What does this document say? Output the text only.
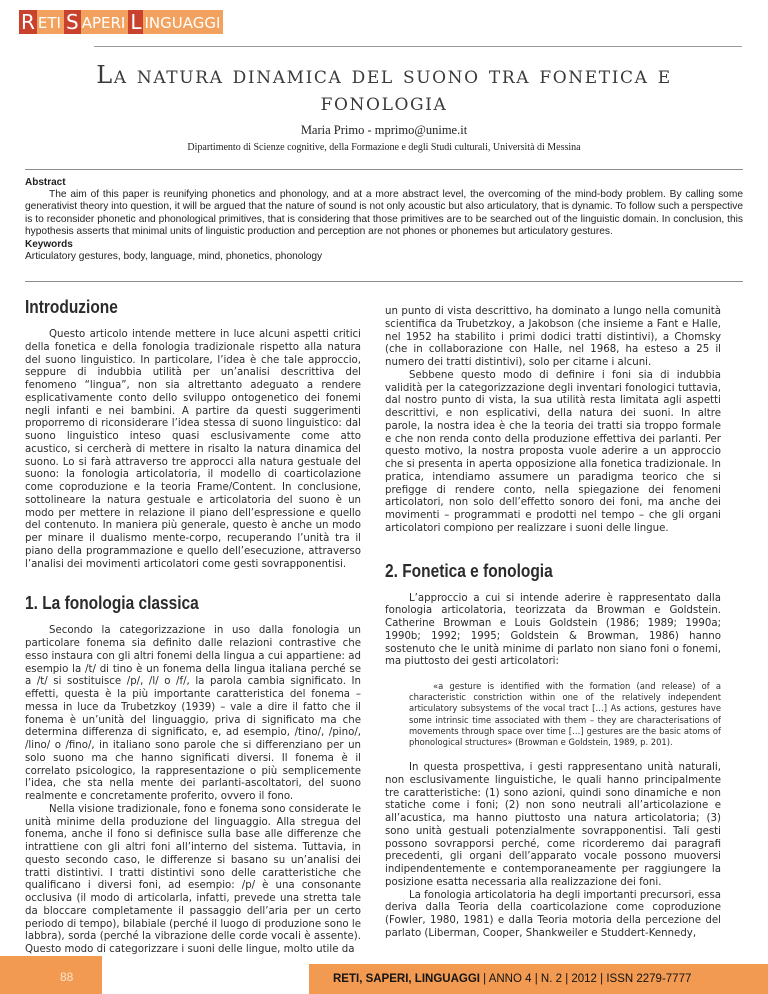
R ETI S APERI L INGUAGGI
La natura dinamica del suono tra fonetica e fonologia
Maria Primo - mprimo@unime.it
Dipartimento di Scienze cognitive, della Formazione e degli Studi culturali, Università di Messina
Abstract

The aim of this paper is reunifying phonetics and phonology, and at a more abstract level, the overcoming of the mind-body problem. By calling some generativist theory into question, it will be argued that the nature of sound is not only acoustic but also articulatory, that is dynamic. To follow such a perspective is to reconsider phonetic and phonological primitives, that is considering that those primitives are to be searched out of the linguistic domain. In conclusion, this hypothesis asserts that minimal units of linguistic production and perception are not phones or phonemes but articulatory gestures.

Keywords

Articulatory gestures, body, language, mind, phonetics, phonology

Introduzione

Questo articolo intende mettere in luce alcuni aspetti critici della fonetica e della fonologia tradizionale rispetto alla natura del suono linguistico. In particolare, l’idea è che tale approccio, seppure di indubbia utilità per un’analisi descrittiva del fenomeno “lingua”, non sia altrettanto adeguato a rendere esplicativamente conto dello sviluppo ontogenetico dei fonemi negli infanti e nei bambini. A partire da questi suggerimenti proporremo di riconsiderare l’idea stessa di suono linguistico: dal suono linguistico inteso quasi esclusivamente come atto acustico, si cercherà di mettere in risalto la natura dinamica del suono. Lo si farà attraverso tre approcci alla natura gestuale del suono: la fonologia articolatoria, il modello di coarticolazione come coproduzione e la teoria Frame/Content. In conclusione, sottolineare la natura gestuale e articolatoria del suono è un modo per mettere in relazione il piano dell’espressione e quello del contenuto. In maniera più generale, questo è anche un modo per minare il dualismo mente-corpo, recuperando l’unità tra il piano della programmazione e quello dell’esecuzione, attraverso l’analisi dei movimenti articolatori come gesti sovrapponentisi.

1. La fonologia classica

Secondo la categorizzazione in uso dalla fonologia un particolare fonema sia definito dalle relazioni contrastive che esso instaura con gli altri fonemi della lingua a cui appartiene: ad esempio la /t/ di tino è un fonema della lingua italiana perché se a /t/ si sostituisce /p/, /l/ o /f/, la parola cambia significato. In effetti, questa è la più importante caratteristica del fonema – messa in luce da Trubetzkoy (1939) – vale a dire il fatto che il fonema è un’unità del linguaggio, priva di significato ma che determina differenza di significato, e, ad esempio, /tino/, /pino/, /lino/ o /fino/, in italiano sono parole che si differenziano per un solo suono ma che hanno significati diversi. Il fonema è il correlato psicologico, la rappresentazione o più semplicemente l’idea, che sta nella mente dei parlanti-ascoltatori, del suono realmente e concretamente proferito, ovvero il fono.

Nella visione tradizionale, fono e fonema sono considerate le unità minime della produzione del linguaggio. Alla stregua del fonema, anche il fono si definisce sulla base alle differenze che intrattiene con gli altri foni all’interno del sistema. Tuttavia, in questo secondo caso, le differenze si basano su un’analisi dei tratti distintivi. I tratti distintivi sono delle caratteristiche che qualificano i diversi foni, ad esempio: /p/ è una consonante occlusiva (il modo di articolarla, infatti, prevede una stretta tale da bloccare completamente il passaggio dell’aria per un certo periodo di tempo), bilabiale (perché il luogo di produzione sono le labbra), sorda (perché la vibrazione delle corde vocali è assente). Questo modo di categorizzare i suoni delle lingue, molto utile da

un punto di vista descrittivo, ha dominato a lungo nella comunità scientifica da Trubetzkoy, a Jakobson (che insieme a Fant e Halle, nel 1952 ha stabilito i primi dodici tratti distintivi), a Chomsky (che in collaborazione con Halle, nel 1968, ha esteso a 25 il numero dei tratti distintivi), solo per citarne i alcuni.

Sebbene questo modo di definire i foni sia di indubbia validità per la categorizzazione degli inventari fonologici tuttavia, dal nostro punto di vista, la sua utilità resta limitata agli aspetti descrittivi, e non esplicativi, della natura dei suoni. In altre parole, la nostra idea è che la teoria dei tratti sia troppo formale e che non renda conto della produzione effettiva dei parlanti. Per questo motivo, la nostra proposta vuole aderire a un approccio che si presenta in aperta opposizione alla fonetica tradizionale. In pratica, intendiamo assumere un paradigma teorico che si prefigge di rendere conto, nella spiegazione dei fenomeni articolatori, non solo dell’effetto sonoro dei foni, ma anche dei movimenti – programmati e prodotti nel tempo – che gli organi articolatori compiono per realizzare i suoni delle lingue.

2. Fonetica e fonologia

L’approccio a cui si intende aderire è rappresentato dalla fonologia articolatoria, teorizzata da Browman e Goldstein. Catherine Browman e Louis Goldstein (1986; 1989; 1990a; 1990b; 1992; 1995; Goldstein & Browman, 1986) hanno sostenuto che le unità minime di parlato non siano foni o fonemi, ma piuttosto dei gesti articolatori:

«a gesture is identified with the formation (and release) of a characteristic constriction within one of the relatively independent articulatory subsystems of the vocal tract […] As actions, gestures have some intrinsic time associated with them – they are characterisations of movements through space over time […] gestures are the basic atoms of phonological structures» (Browman e Goldstein, 1989, p. 201).

In questa prospettiva, i gesti rappresentano unità naturali, non esclusivamente linguistiche, le quali hanno principalmente tre caratteristiche: (1) sono azioni, quindi sono dinamiche e non statiche come i foni; (2) non sono neutrali all’articolazione e all’acustica, ma hanno piuttosto una natura articolatoria; (3) sono unità gestuali potenzialmente sovrapponentisi. Tali gesti possono sovrapporsi perché, come ricorderemo dai paragrafi precedenti, gli organi dell’apparato vocale possono muoversi indipendentemente e contemporaneamente per raggiungere la posizione esatta necessaria alla realizzazione dei foni.

La fonologia articolatoria ha degli importanti precursori, essa deriva dalla Teoria della coarticolazione come coproduzione (Fowler, 1980, 1981) e dalla Teoria motoria della percezione del parlato (Liberman, Cooper, Shankweiler e Studdert-Kennedy,

88	RETI, SAPERI, LINGUAGGI | ANNO 4 | N. 2 | 2012 | ISSN 2279-7777
